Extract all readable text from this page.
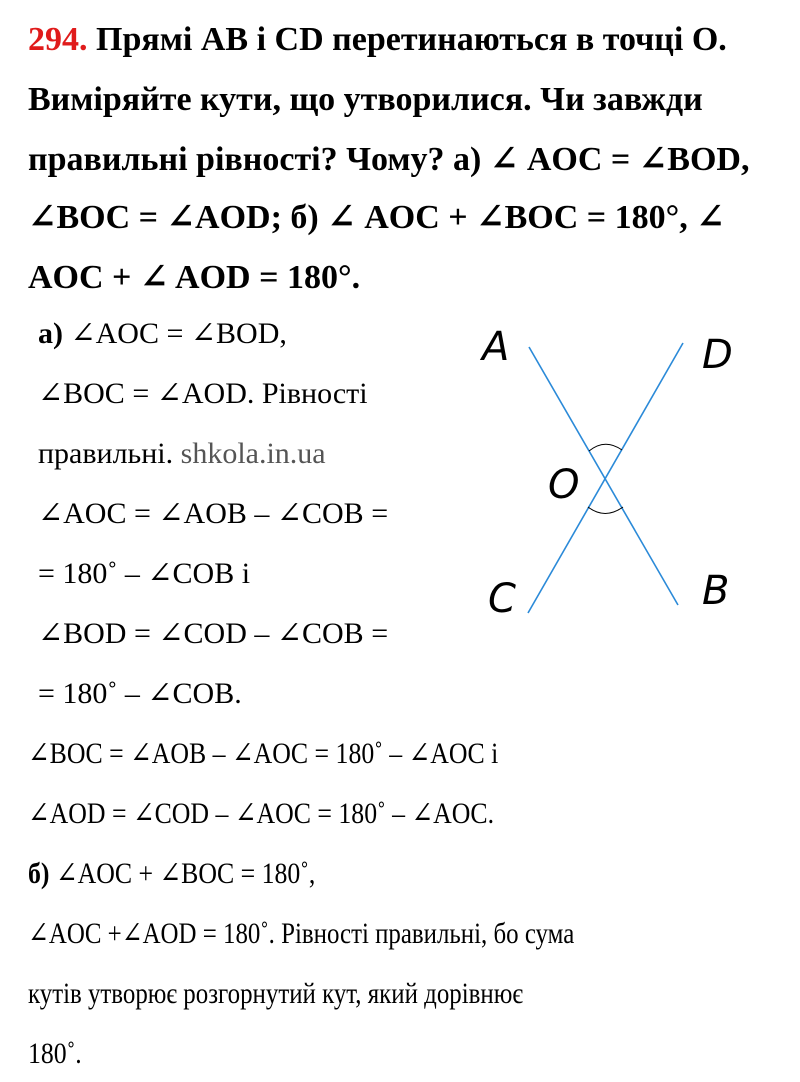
294. Прямі AB і CD перетинаються в точці O.
Виміряйте кути, що утворилися. Чи завжди
правильні рівності? Чому? а) ∠ AOC = ∠BOD,
∠BOC = ∠AOD; б) ∠ AOC + ∠BOC = 180°, ∠
AOC + ∠ AOD = 180°.
а) ∠AOC = ∠BOD,
∠BOC = ∠AOD. Рівності
правильні. shkola.in.ua
∠AOC = ∠AOB – ∠COB =
= 180˚ – ∠COB і
∠BOD = ∠COD – ∠COB =
= 180˚ – ∠COB.
∠BOC = ∠AOB – ∠AOC = 180˚ – ∠AOC і
∠AOD = ∠COD – ∠AOC = 180˚ – ∠AOC.
б) ∠AOC + ∠BOC = 180˚,
∠AOC +∠AOD = 180˚. Рівності правильні, бо сума
кутів утворює розгорнутий кут, який дорівнює
180˚.
A	D
O
C	B
